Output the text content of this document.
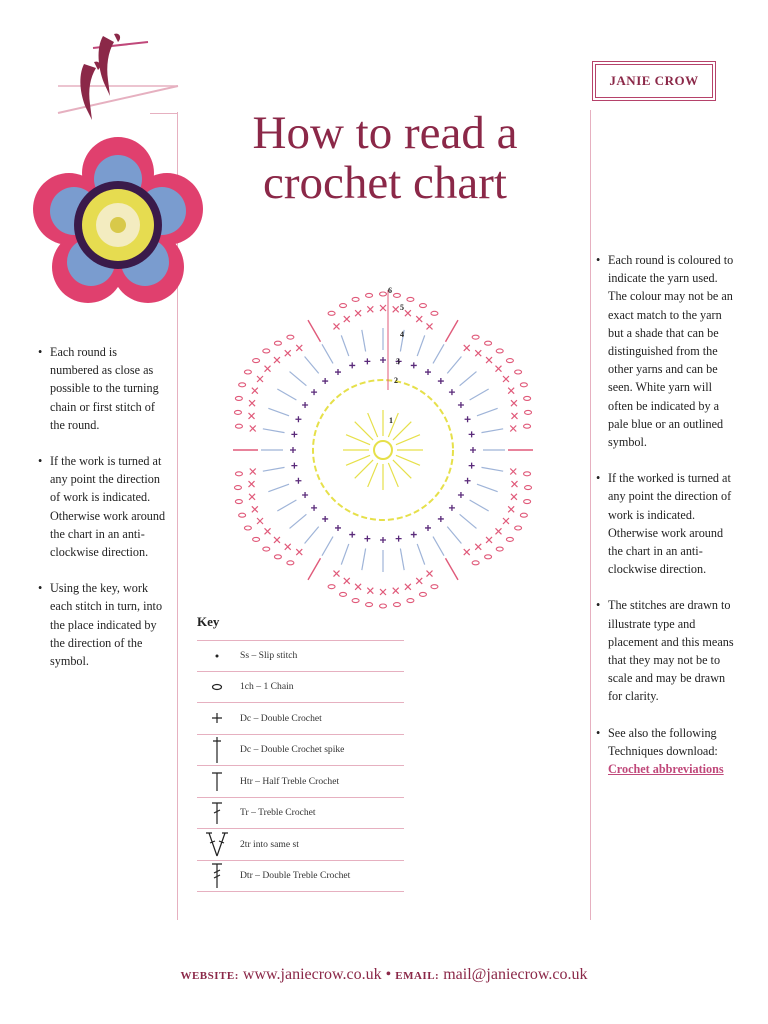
JANIE CROW
How to read a
crochet chart
• Each round is numbered as close as possible to the turning chain or first stitch of the round.
• If the work is turned at any point the direction of work is indicated. Otherwise work around the chart in an anti-clockwise direction.
• Using the key, work each stitch in turn, into the place indicated by the direction of the symbol.
• Each round is coloured to indicate the yarn used. The colour may not be an exact match to the yarn but a shade that can be distinguished from the other yarns and can be seen. White yarn will often be indicated by a pale blue or an outlined symbol.
• If the worked is turned at any point the direction of work is indicated. Otherwise work around the chart in an anti-clockwise direction.
• The stitches are drawn to illustrate type and placement and this means that they may not be to scale and may be drawn for clarity.
• See also the following Techniques download: Crochet abbreviations
6
5
4
3
2
1
Key
Ss – Slip stitch
1ch – 1 Chain
Dc – Double Crochet
Dc – Double Crochet spike
Htr – Half Treble Crochet
Tr – Treble Crochet
2tr into same st
Dtr – Double Treble Crochet
WEBSITE: www.janiecrow.co.uk • EMAIL: mail@janiecrow.co.uk
